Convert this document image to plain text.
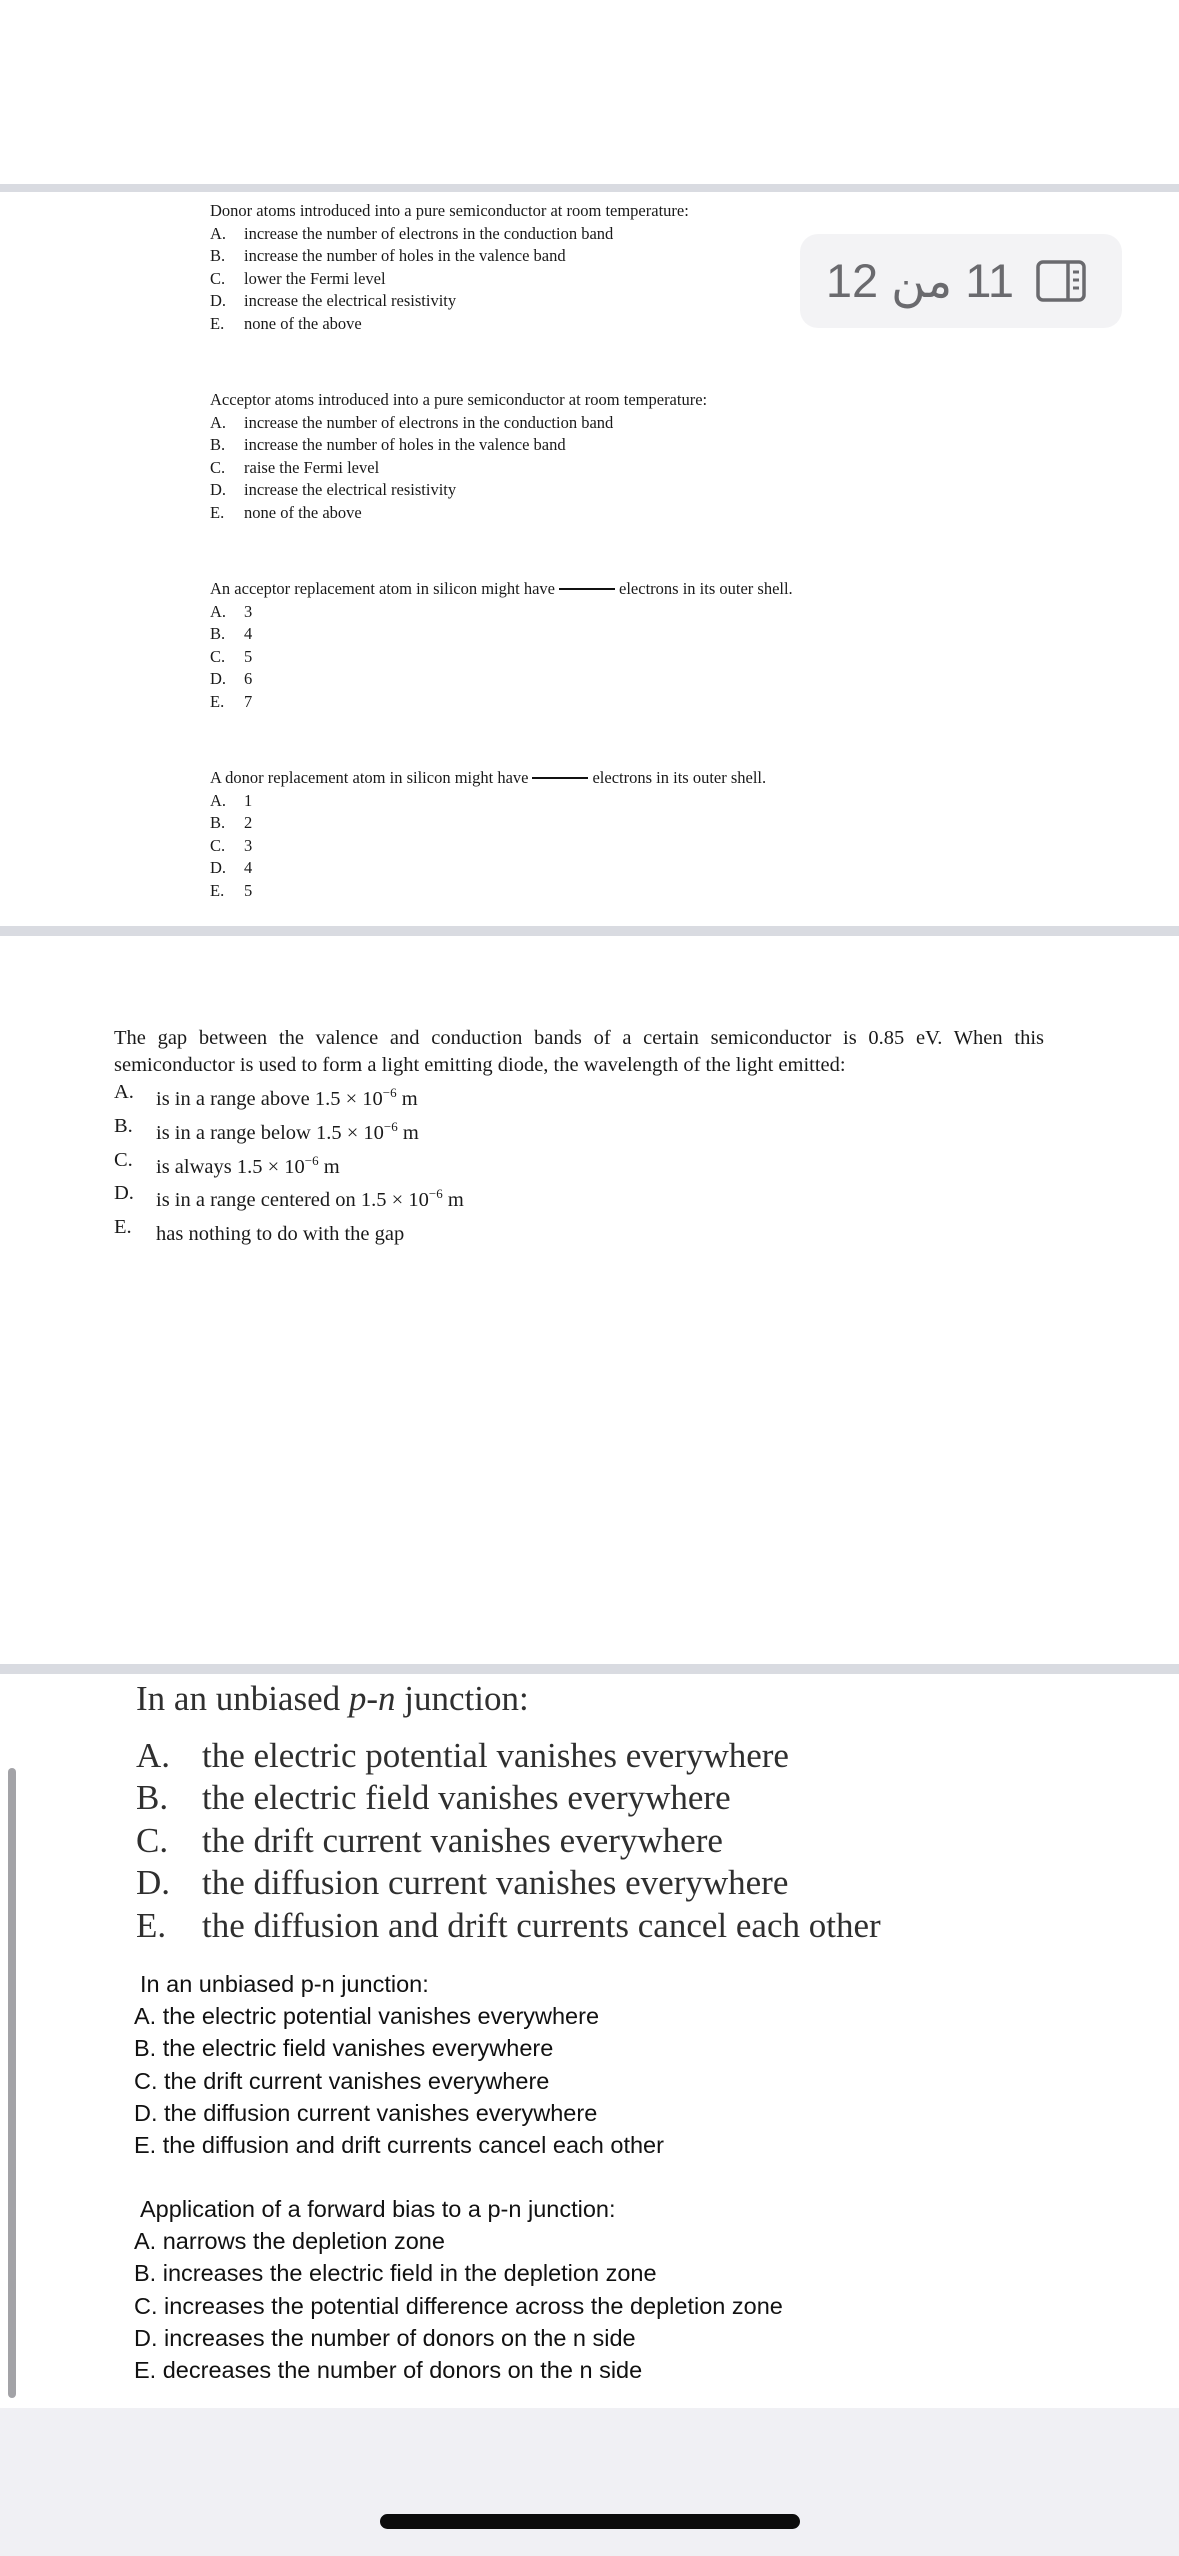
Donor atoms introduced into a pure semiconductor at room temperature:
A.	increase the number of electrons in the conduction band
B.	increase the number of holes in the valence band
C.	lower the Fermi level
D.	increase the electrical resistivity
E.	none of the above
11 من 12
Acceptor atoms introduced into a pure semiconductor at room temperature:
A.	increase the number of electrons in the conduction band
B.	increase the number of holes in the valence band
C.	raise the Fermi level
D.	increase the electrical resistivity
E.	none of the above
An acceptor replacement atom in silicon might have	electrons in its outer shell.
A.	3
B.	4
C.	5
D.	6
E.	7
A donor replacement atom in silicon might have	electrons in its outer shell.
A.	1
B.	2
C.	3
D.	4
E.	5
The gap between the valence and conduction bands of a certain semiconductor is 0.85 eV. When this semiconductor is used to form a light emitting diode, the wavelength of the light emitted:
A.	is in a range above $1.5 \times 10^{-6}$ m
B.	is in a range below $1.5 \times 10^{-6}$ m
C.	is always $1.5 \times 10^{-6}$ m
D.	is in a range centered on $1.5 \times 10^{-6}$ m
E.	has nothing to do with the gap
In an unbiased p-n junction:
A. the electric potential vanishes everywhere
B. the electric field vanishes everywhere
C. the drift current vanishes everywhere
D. the diffusion current vanishes everywhere
E.	the diffusion and drift currents cancel each other
In an unbiased p-n junction:
A. the electric potential vanishes everywhere
B. the electric field vanishes everywhere
C. the drift current vanishes everywhere
D. the diffusion current vanishes everywhere
E. the diffusion and drift currents cancel each other
Application of a forward bias to a p-n junction:
A. narrows the depletion zone
B. increases the electric field in the depletion zone
C. increases the potential difference across the depletion zone
D. increases the number of donors on the n side
E. decreases the number of donors on the n side
